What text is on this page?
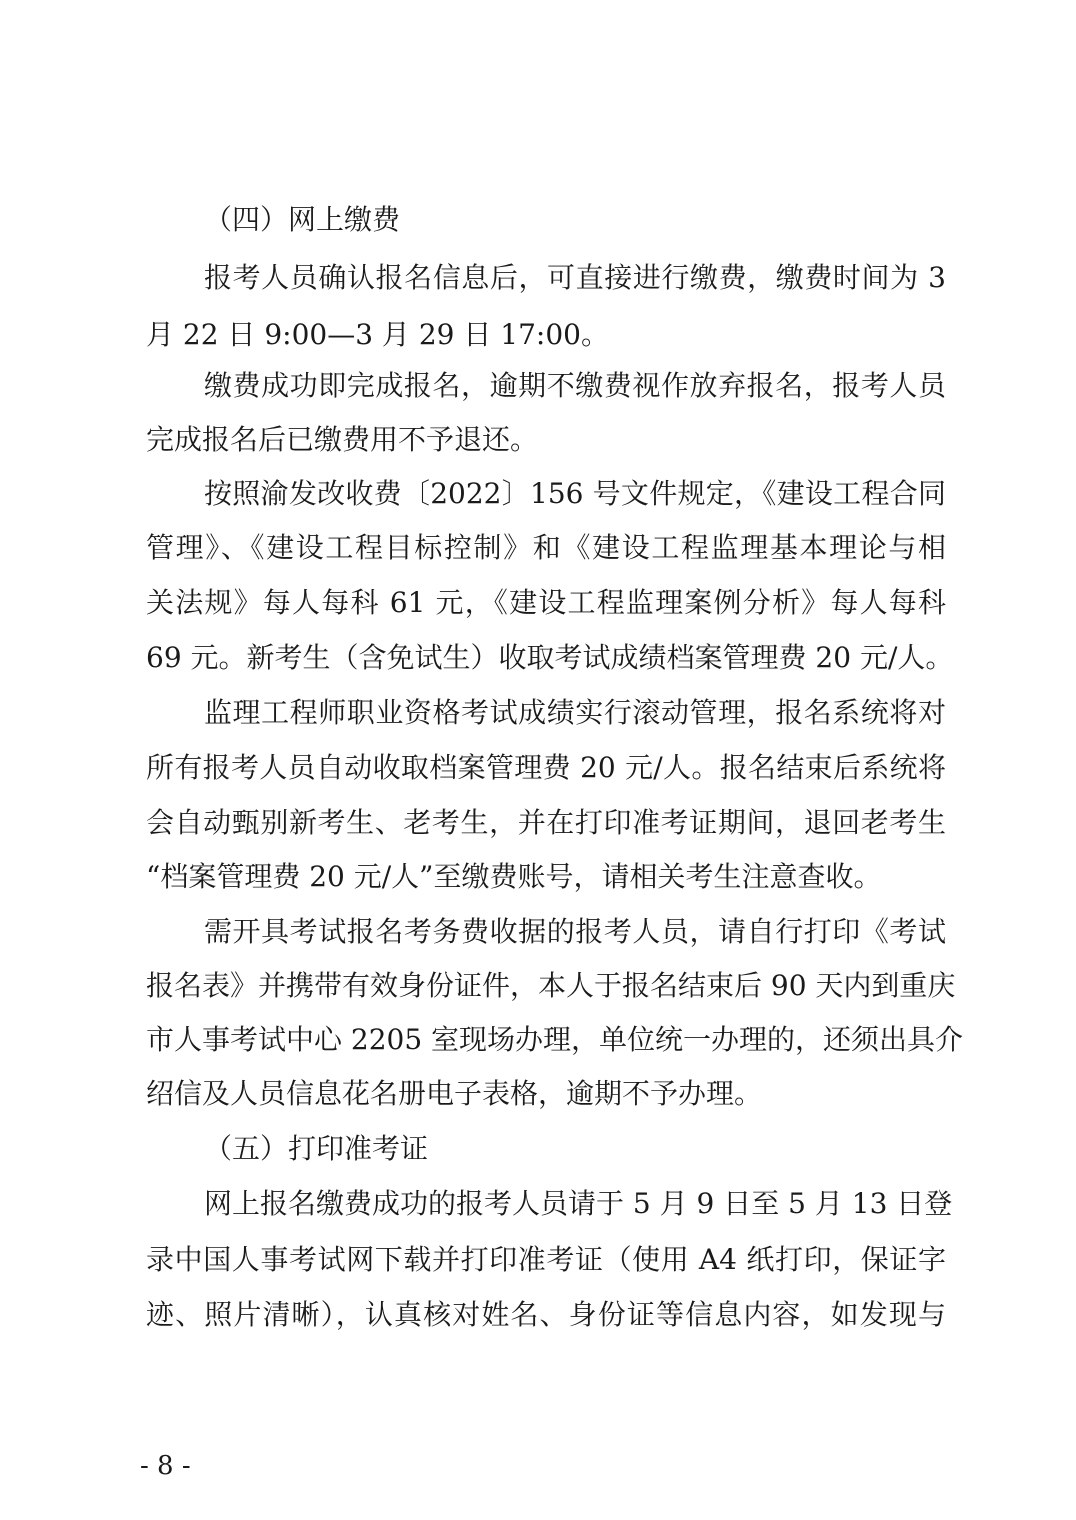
（四）网上缴费
报考人员确认报名信息后，可直接进行缴费，缴费时间为 3
月 22 日 9:00—3 月 29 日 17:00。
缴费成功即完成报名，逾期不缴费视作放弃报名，报考人员
完成报名后已缴费用不予退还。
按照渝发改收费〔2022〕156 号文件规定，《建设工程合同
管理》、《建设工程目标控制》和《建设工程监理基本理论与相
关法规》每人每科 61 元，《建设工程监理案例分析》每人每科
69 元。新考生（含免试生）收取考试成绩档案管理费 20 元/人。
监理工程师职业资格考试成绩实行滚动管理，报名系统将对
所有报考人员自动收取档案管理费 20 元/人。报名结束后系统将
会自动甄别新考生、老考生，并在打印准考证期间，退回老考生
“档案管理费 20 元/人”至缴费账号，请相关考生注意查收。
需开具考试报名考务费收据的报考人员，请自行打印《考试
报名表》并携带有效身份证件，本人于报名结束后 90 天内到重庆
市人事考试中心 2205 室现场办理，单位统一办理的，还须出具介
绍信及人员信息花名册电子表格，逾期不予办理。
（五）打印准考证
网上报名缴费成功的报考人员请于 5 月 9 日至 5 月 13 日登
录中国人事考试网下载并打印准考证（使用 A4 纸打印，保证字
迹、照片清晰），认真核对姓名、身份证等信息内容，如发现与
- 8 -
